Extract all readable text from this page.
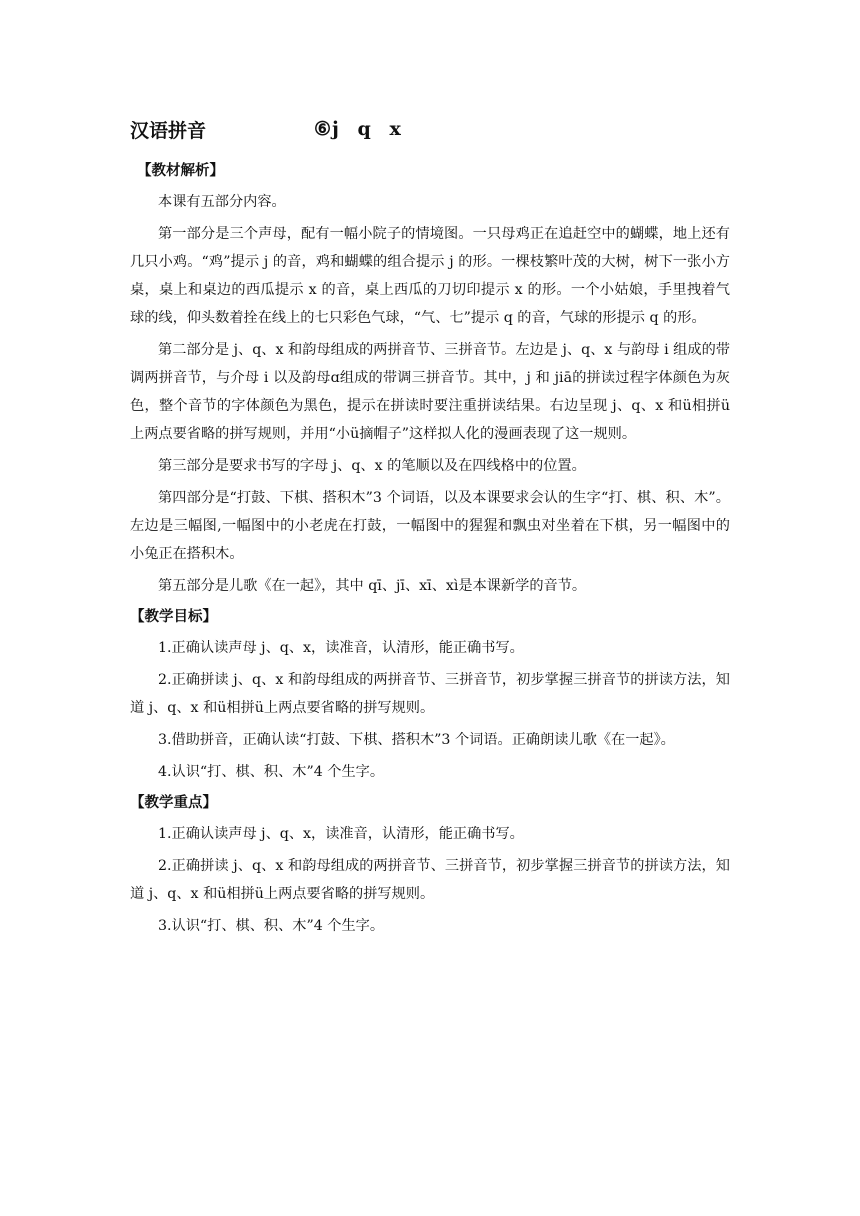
汉语拼音	⑥j q x
【教材解析】

本课有五部分内容。

第一部分是三个声母，配有一幅小院子的情境图。一只母鸡正在追赶空中的蝴蝶，地上还有几只小鸡。“鸡”提示 j 的音，鸡和蝴蝶的组合提示 j 的形。一棵枝繁叶茂的大树，树下一张小方桌，桌上和桌边的西瓜提示 x 的音，桌上西瓜的刀切印提示 x 的形。一个小姑娘，手里拽着气球的线，仰头数着拴在线上的七只彩色气球，“气、七”提示 q 的音，气球的形提示 q 的形。

第二部分是 j、q、x 和韵母组成的两拼音节、三拼音节。左边是 j、q、x 与韵母 i 组成的带调两拼音节，与介母 i 以及韵母ɑ组成的带调三拼音节。其中，j 和 jiā的拼读过程字体颜色为灰色，整个音节的字体颜色为黑色，提示在拼读时要注重拼读结果。右边呈现 j、q、x 和ü相拼ü上两点要省略的拼写规则，并用“小ü摘帽子”这样拟人化的漫画表现了这一规则。

第三部分是要求书写的字母 j、q、x 的笔顺以及在四线格中的位置。

第四部分是“打鼓、下棋、搭积木”3 个词语，以及本课要求会认的生字“打、棋、积、木”。左边是三幅图,一幅图中的小老虎在打鼓，一幅图中的猩猩和飘虫对坐着在下棋，另一幅图中的小兔正在搭积木。

第五部分是儿歌《在一起》，其中 qī、jī、xī、xì是本课新学的音节。

【教学目标】

1.正确认读声母 j、q、x，读准音，认清形，能正确书写。

2.正确拼读 j、q、x 和韵母组成的两拼音节、三拼音节，初步掌握三拼音节的拼读方法，知道 j、q、x 和ü相拼ü上两点要省略的拼写规则。

3.借助拼音，正确认读“打鼓、下棋、搭积木”3 个词语。正确朗读儿歌《在一起》。

4.认识“打、棋、积、木”4 个生字。

【教学重点】

1.正确认读声母 j、q、x，读准音，认清形，能正确书写。

2.正确拼读 j、q、x 和韵母组成的两拼音节、三拼音节，初步掌握三拼音节的拼读方法，知道 j、q、x 和ü相拼ü上两点要省略的拼写规则。

3.认识“打、棋、积、木”4 个生字。
